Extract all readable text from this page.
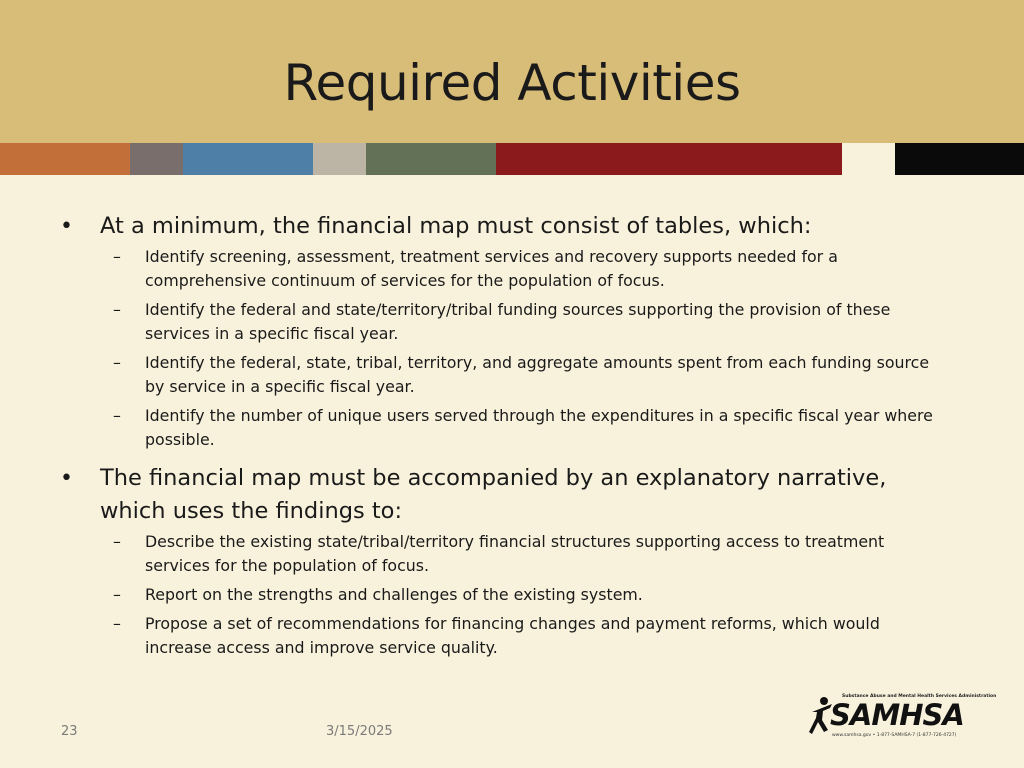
Required Activities
• At a minimum, the financial map must consist of tables, which:
– Identify screening, assessment, treatment services and recovery supports needed for a comprehensive continuum of services for the population of focus.
– Identify the federal and state/territory/tribal funding sources supporting the provision of these services in a specific fiscal year.
– Identify the federal, state, tribal, territory, and aggregate amounts spent from each funding source by service in a specific fiscal year.
– Identify the number of unique users served through the expenditures in a specific fiscal year where possible.
• The financial map must be accompanied by an explanatory narrative, which uses the findings to:
– Describe the existing state/tribal/territory financial structures supporting access to treatment services for the population of focus.
– Report on the strengths and challenges of the existing system.
– Propose a set of recommendations for financing changes and payment reforms, which would increase access and improve service quality.
23	3/15/2025
Substance Abuse and Mental Health Services Administration
SAMHSA
www.samhsa.gov • 1-877-SAMHSA-7 (1-877-726-4727)
